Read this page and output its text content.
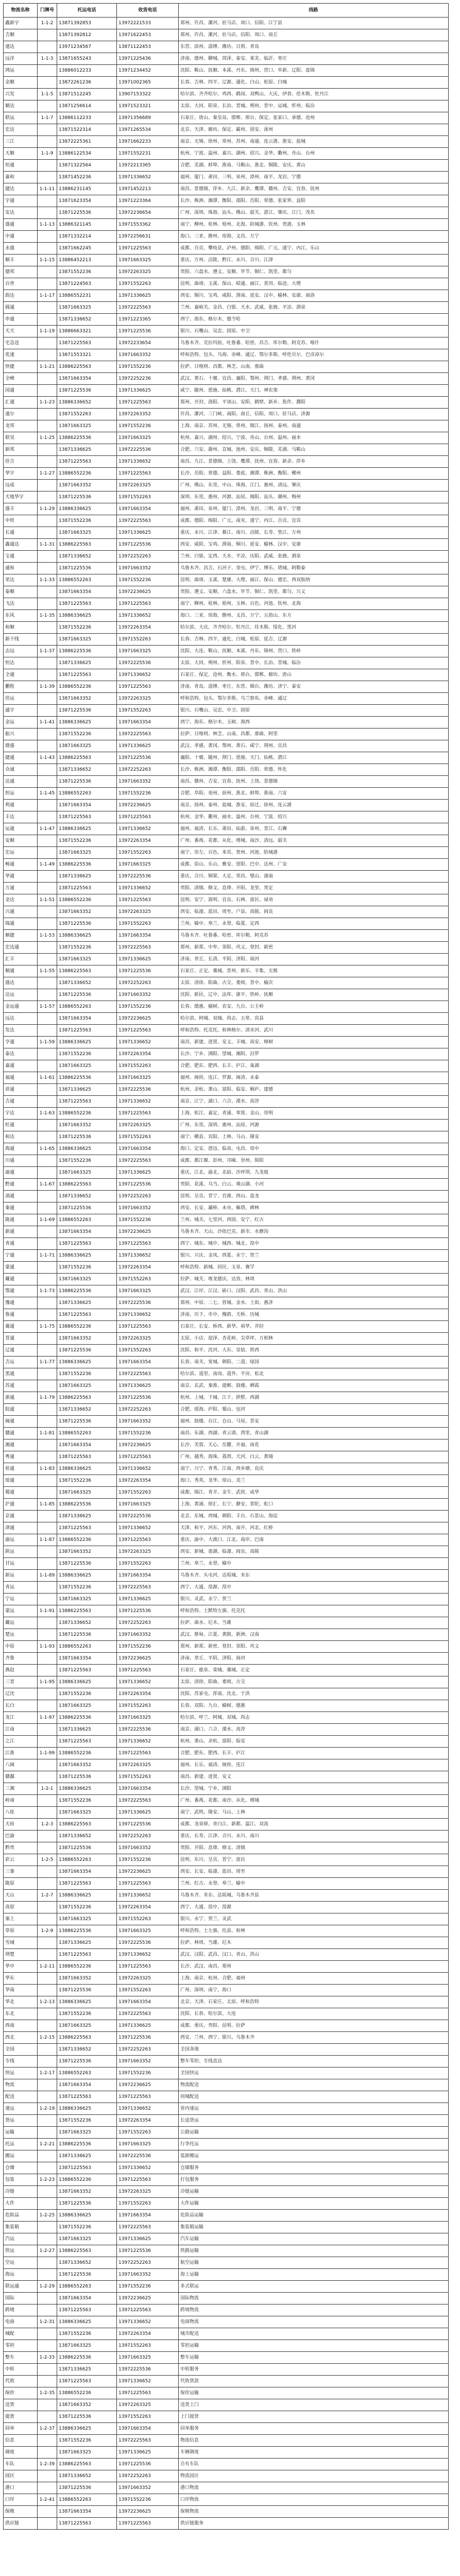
物流名称	门牌号	托运电话	收货电话	线路
鑫新宇	1-1-2	13871392853	13972221533	郑州、许昌、漯河、驻马店、周口、信阳、江宁县
吉顺		13871392812	13971622453	郑州、许昌、漯河、驻马店、信阳、周口、商丘
速达		13971234567	13871122453	东营、滨州、淄博、潍坊、日照、青岛
远洋	1-1-3	13871655243	13971225436	济南、德州、聊城、菏泽、泰安、莱芜、临沂、枣庄
鸿运		13886012233	13971234452	沈阳、鞍山、抚顺、本溪、丹东、锦州、营口、阜新、辽阳、盘锦
金顺		13872261236	13971002365	长春、吉林、四平、辽源、通化、白山、松原、白城
兴发	1-1-5	13871512245	13907153322	哈尔滨、齐齐哈尔、鸡西、鹤岗、双鸭山、大庆、伊春、佳木斯、牡丹江
顺达		13871256614	13971523321	太原、大同、阳泉、长治、晋城、朔州、晋中、运城、忻州、临汾
联运	1-1-7	13886112233	13971356689	石家庄、唐山、秦皇岛、邯郸、邢台、保定、张家口、承德、沧州
宏达		13871522314	13971265534	北京、天津、廊坊、保定、霸州、固安、涿州
三江		13872225361	13971662233	南京、无锡、徐州、常州、苏州、南通、连云港、淮安、盐城
天顺	1-1-9	13886122534	13971552231	杭州、宁波、温州、嘉兴、湖州、绍兴、金华、衢州、舟山、台州
恒通		13871322564	13972213365	合肥、芜湖、蚌埠、淮南、马鞍山、淮北、铜陵、安庆、黄山
嘉和		13871452236	13971336652	福州、厦门、莆田、三明、泉州、漳州、南平、龙岩、宁德
捷达	1-1-11	13886231145	13971452213	南昌、景德镇、萍乡、九江、新余、鹰潭、赣州、吉安、宜春、抚州
宇通		13871623354	13971223364	长沙、株洲、湘潭、衡阳、邵阳、岳阳、常德、张家界、益阳
安达		13871225536	13972236654	广州、深圳、珠海、汕头、佛山、韶关、湛江、肇庆、江门、茂名
盛通	1-1-13	13886321145	13971553362	南宁、柳州、桂林、梧州、北海、防城港、钦州、贵港、玉林
中通		13871332214	13972256631	海口、三亚、儋州、琼海、文昌、万宁
永盛		13871662245	13971225563	成都、自贡、攀枝花、泸州、德阳、绵阳、广元、遂宁、内江、乐山
顺丰	1-1-15	13886452213	13971663325	重庆、万州、涪陵、黔江、永川、合川、江津
德邦		13871552236	13972263325	贵阳、六盘水、遵义、安顺、毕节、铜仁、凯里、都匀
百世		13871224563	13971552263	昆明、曲靖、玉溪、保山、昭通、丽江、普洱、临沧、大理
韵达	1-1-17	13886552231	13971336625	西安、铜川、宝鸡、咸阳、渭南、延安、汉中、榆林、安康、商洛
圆通		13871663325	13972225563	兰州、嘉峪关、金昌、白银、天水、武威、张掖、平凉、酒泉
申通		13871336652	13971223365	西宁、海东、格尔木、德令哈
天天	1-1-19	13886663321	13971225536	银川、石嘴山、吴忠、固原、中卫
宅急送		13871225563	13972233654	乌鲁木齐、克拉玛依、吐鲁番、哈密、昌吉、库尔勒、阿克苏、喀什
优速		13871553321	13971663352	呼和浩特、包头、乌海、赤峰、通辽、鄂尔多斯、呼伦贝尔、巴彦淖尔
快捷	1-1-21	13886225563	13971552236	拉萨、日喀则、昌都、林芝、山南、那曲
全峰		13871663354	13972252236	武汉、黄石、十堰、宜昌、襄阳、鄂州、荆门、孝感、荆州、黄冈
国通		13871225536	13971336625	咸宁、随州、恩施、仙桃、潜江、天门、神农架
汇通	1-1-23	13886336652	13971225563	郑州、开封、洛阳、平顶山、安阳、鹤壁、新乡、焦作、濮阳
速尔		13871552263	13972263352	许昌、漯河、三门峡、南阳、商丘、信阳、周口、驻马店、济源
龙邦		13871663325	13971552236	上海、南京、苏州、无锡、常州、镇江、扬州、泰州、南通
联昊	1-1-25	13886225536	13971663325	杭州、嘉兴、湖州、绍兴、宁波、舟山、台州、温州、丽水
新邦		13871336625	13972225536	合肥、六安、滁州、宣城、池州、安庆、铜陵、芜湖、马鞍山
佳吉		13871225563	13971336652	南昌、九江、景德镇、上饶、鹰潭、抚州、宜春、新余、萍乡
华宇	1-1-27	13886552236	13971225563	长沙、岳阳、常德、益阳、娄底、湘潭、株洲、衡阳、郴州
远成		13871663352	13972263325	广州、佛山、东莞、中山、珠海、江门、惠州、清远、肇庆
天地华宇		13871225536	13971552263	深圳、东莞、惠州、河源、汕尾、揭阳、汕头、潮州、梅州
盛丰	1-1-29	13886336625	13971663354	福州、莆田、泉州、厦门、漳州、龙岩、三明、南平、宁德
中铁		13871552236	13972225563	成都、德阳、绵阳、广元、南充、遂宁、内江、自贡、宜宾
长通		13871663325	13971336625	重庆、永川、江津、綦江、南川、涪陵、长寿、垫江、万州
鑫通达	1-1-31	13886225563	13971225536	西安、咸阳、宝鸡、渭南、铜川、延安、榆林、汉中、安康
宝通		13871336652	13972252263	兰州、白银、定西、天水、平凉、庆阳、武威、张掖、酒泉
通和		13871225536	13971663352	乌鲁木齐、昌吉、石河子、奎屯、伊宁、博乐、塔城、阿勒泰
荣达	1-1-33	13886552263	13971552236	昆明、曲靖、玉溪、楚雄、大理、丽江、保山、德宏、西双版纳
泰顺		13871663354	13972236625	贵阳、遵义、安顺、六盘水、毕节、铜仁、凯里、都匀、兴义
飞达		13871225563	13971225563	南宁、柳州、桂林、梧州、玉林、百色、河池、钦州、北海
东风	1-1-35	13886336625	13971336652	海口、三亚、琼海、儋州、文昌、万宁、五指山、东方
和顺		13871552236	13972263354	哈尔滨、大庆、齐齐哈尔、牡丹江、佳木斯、绥化、黑河
新干线		13871663325	13971552263	长春、吉林、四平、通化、白城、松原、延吉、辽源
志远	1-1-37	13886225536	13971663325	沈阳、大连、鞍山、抚顺、本溪、丹东、锦州、营口、铁岭
恒达		13871336625	13972225536	太原、大同、朔州、忻州、阳泉、晋中、长治、晋城、临汾
全通		13871225563	13971336652	石家庄、保定、沧州、衡水、邢台、邯郸、廊坊、唐山
鹏程	1-1-39	13886552236	13971225563	济南、青岛、淄博、枣庄、东营、烟台、潍坊、济宁、泰安
佳运		13871663352	13972263325	呼和浩特、包头、鄂尔多斯、乌兰察布、赤峰、通辽
通宇		13871225536	13971552263	银川、石嘴山、吴忠、中卫、固原
金运	1-1-41	13886336625	13971663354	西宁、海东、格尔木、玉树、海西
振兴		13871552236	13972225563	拉萨、日喀则、林芝、山南、昌都、那曲、阿里
鼎盛		13871663325	13971336625	武汉、孝感、黄冈、鄂州、黄石、咸宁、荆州、宜昌
捷通	1-1-43	13886225563	13971225536	襄阳、十堰、随州、荆门、恩施、天门、仙桃、潜江
众诚		13871336652	13972252263	长沙、株洲、湘潭、衡阳、邵阳、岳阳、常德、怀化
达通		13871225536	13971663352	南昌、赣州、吉安、宜春、抚州、上饶、景德镇
恒运	1-1-45	13886552263	13971552236	合肥、阜阳、亳州、宿州、淮北、蚌埠、淮南、六安
利通		13871663354	13972236625	南京、扬州、泰州、盐城、淮安、宿迁、徐州、连云港
丰达		13871225563	13971225563	杭州、金华、衢州、丽水、温州、台州、宁波、绍兴
运通	1-1-47	13886336625	13971336652	福州、福清、长乐、莆田、仙游、泉州、晋江、石狮
安顺		13871552236	13972263354	广州、番禺、花都、从化、增城、南沙、清远、韶关
宏运		13871663325	13971552263	南宁、崇左、百色、来宾、贺州、河池、防城港
畅通	1-1-49	13886225536	13971663325	成都、眉山、乐山、雅安、资阳、巴中、达州、广安
华通		13871336625	13972225536	重庆、合川、铜梁、大足、荣昌、璧山、潼南
万通		13871225563	13971336652	贵阳、清镇、修文、息烽、开阳、龙里、贵定
金达	1-1-51	13886552236	13971225563	昆明、安宁、嵩明、宜良、石林、富民、禄劝
兴通		13871663352	13972263325	西安、临潼、蓝田、周至、户县、高陵、阎良
瑞通		13871225536	13971552263	兰州、榆中、皋兰、永登、临夏、定西
顺捷	1-1-53	13886336625	13971663354	乌鲁木齐、吐鲁番、哈密、库尔勒、阿克苏
宏达通		13871552236	13972225563	郑州、新郑、中牟、荥阳、巩义、登封、新密
汇丰		13871663325	13971336625	济南、章丘、长清、平阴、济阳、商河
顺通	1-1-55	13886225563	13971225536	石家庄、正定、藁城、晋州、新乐、辛集、无极
盛达		13871336652	13972252263	太原、清徐、阳曲、古交、娄烦、晋中、榆次
达运		13871225536	13971663352	沈阳、新民、辽中、法库、康平、铁岭、抚顺
金运通	1-1-57	13886552263	13971552236	长春、德惠、榆树、农安、九台、公主岭
远达		13871663354	13972236625	哈尔滨、阿城、双城、尚志、五常、宾县
发达		13871225563	13971225563	呼和浩特、托克托、和林格尔、清水河、武川
亨通	1-1-59	13886336625	13971336652	南昌、新建、进贤、安义、丰城、高安、樟树
泰达		13871552236	13972263354	长沙、宁乡、浏阳、望城、湘阴、汨罗
嘉通		13871663325	13971552263	合肥、肥东、肥西、长丰、庐江、巢湖
福通	1-1-61	13886225536	13971663325	福州、闽侯、连江、罗源、闽清、永泰
祥通		13871336625	13972225536	杭州、余杭、萧山、富阳、临安、桐庐、建德
吉通		13871225563	13971336652	南京、江宁、浦口、六合、溧水、高淳
宇达	1-1-63	13886552236	13971225563	上海、松江、嘉定、青浦、奉贤、金山、崇明
旺通		13871663352	13972263325	广州、东莞、深圳、惠州、汕尾、河源
和达		13871225536	13971552263	南宁、横县、宾阳、上林、马山、隆安
海通	1-1-65	13886336625	13971663354	海口、定安、澄迈、临高、屯昌、琼中
川通		13871552236	13972225563	成都、都江堰、彭州、邛崃、崇州、简阳
渝通		13871663325	13971336625	重庆、江北、渝北、北碚、沙坪坝、九龙坡
黔通	1-1-67	13886225563	13971225536	贵阳、花溪、乌当、白云、观山湖、小河
滇通		13871336652	13972252263	昆明、呈贡、晋宁、官渡、西山、盘龙
秦通		13871225536	13971663352	西安、长安、灞桥、未央、雁塔、碑林
陇通	1-1-69	13886552263	13971552236	兰州、城关、七里河、西固、安宁、红古
新通		13871663354	13972236625	乌鲁木齐、天山、沙依巴克、新市、水磨沟
青通		13871225563	13971225563	西宁、城东、城中、城西、城北、湟中
宁通	1-1-71	13886336625	13971336652	银川、兴庆、金凤、西夏、永宁、贺兰
蒙通		13871552236	13972263354	呼和浩特、新城、回民、玉泉、赛罕
藏通		13871663325	13971552263	拉萨、城关、堆龙德庆、达孜、林周
鄂通	1-1-73	13886225536	13971663325	武汉、江岸、江汉、硚口、汉阳、武昌、青山、洪山
豫通		13871336625	13972225536	郑州、中原、二七、管城、金水、上街、惠济
鲁通		13871225563	13971336652	济南、历下、市中、槐荫、天桥、历城
冀通	1-1-75	13886552236	13971225563	石家庄、长安、桥西、新华、裕华、井陉
晋通		13871663352	13972263325	太原、小店、迎泽、杏花岭、尖草坪、万柏林
辽通		13871225536	13971552263	沈阳、和平、沈河、大东、皇姑、铁西
吉运	1-1-77	13886336625	13971663354	长春、南关、宽城、朝阳、二道、绿园
黑通		13871552236	13972225563	哈尔滨、道里、南岗、道外、平房、松北
苏通		13871663325	13971336625	南京、玄武、秦淮、建邺、鼓楼、栖霞
浙通	1-1-79	13886225563	13971225536	杭州、上城、下城、江干、拱墅、西湖
皖通		13871336652	13972252263	合肥、瑶海、庐阳、蜀山、包河
闽通		13871225536	13971663352	福州、鼓楼、台江、仓山、马尾、晋安
赣通	1-1-81	13886552263	13971552236	南昌、东湖、西湖、青云谱、湾里、青山湖
湘通		13871663354	13972236625	长沙、芙蓉、天心、岳麓、开福、雨花
粤通		13871225563	13971225563	广州、越秀、海珠、荔湾、天河、白云、黄埔
桂通	1-1-83	13886336625	13971336652	南宁、兴宁、青秀、江南、西乡塘、良庆
琼通		13871552236	13972263354	海口、秀英、龙华、琼山、美兰
蜀通		13871663325	13971552263	成都、锦江、青羊、金牛、武侯、成华
沪通	1-1-85	13886225536	13971663325	上海、黄浦、徐汇、长宁、静安、普陀、虹口
京通		13871336625	13972225536	北京、东城、西城、朝阳、丰台、石景山、海淀
津通		13871225563	13971336652	天津、和平、河东、河西、南开、河北、红桥
渝运	1-1-87	13886552236	13971225563	重庆、渝中、大渡口、江北、南岸、巴南
陕运		13871663352	13972263325	西安、新城、莲湖、临潼、阎良、高陵
甘运		13871225536	13971552263	兰州、皋兰、永登、榆中
新运	1-1-89	13886336625	13971663354	乌鲁木齐、头屯河、达坂城、米东
青运		13871552236	13972225563	西宁、大通、湟源、湟中
宁运		13871663325	13971336625	银川、灵武、永宁、贺兰
蒙运	1-1-91	13886225563	13971225536	呼和浩特、土默特左旗、托克托
藏运		13871336652	13972252263	拉萨、曲水、尼木、当雄
楚运		13871225536	13971663352	武汉、蔡甸、江夏、黄陂、新洲、汉南
中原	1-1-93	13886552263	13971552236	郑州、新郑、新密、登封、荥阳、巩义
齐鲁		13871663354	13972236625	济南、章丘、平阴、济阳、商河
燕赵		13871225563	13971225563	石家庄、鹿泉、栾城、藁城、正定
三晋	1-1-95	13886336625	13971336652	太原、清徐、阳曲、娄烦、古交
辽沈		13871552236	13972263354	沈阳、苏家屯、浑南、沈北、于洪
长白		13871663325	13971552263	长春、双阳、九台、榆树、德惠
龙江	1-1-97	13886225536	13971663325	哈尔滨、呼兰、阿城、双城、尚志
江南		13871336625	13972225536	南京、浦口、六合、溧水、高淳
之江		13871225563	13971336652	杭州、萧山、余杭、富阳、临安
江淮	1-1-99	13886552236	13971225563	合肥、肥东、肥西、长丰、庐江
八闽		13871663352	13972263325	福州、长乐、福清、闽侯、连江
赣鄱		13871225536	13971552263	南昌、新建、进贤、安义
三湘	1-2-1	13886336625	13971663354	长沙、望城、宁乡、浏阳
岭南		13871552236	13972225563	广州、番禺、花都、南沙、从化、增城
八桂		13871663325	13971336625	南宁、武鸣、隆安、马山、上林
天府	1-2-3	13886225563	13971225536	成都、龙泉驿、青白江、新都、温江、双流
巴渝		13871336652	13972252263	重庆、长寿、江津、合川、永川、南川
黔贵		13871225536	13971663352	贵阳、开阳、息烽、修文、清镇
彩云	1-2-5	13886552263	13971552236	昆明、东川、呈贡、晋宁、富民
三秦		13871663354	13972236625	西安、长安、临潼、蓝田、周至
陇原		13871225563	13971225563	兰州、红古、永登、皋兰、榆中
天山	1-2-7	13886336625	13971336652	乌鲁木齐、米东、达坂城、乌鲁木齐县
高原		13871552236	13972263354	西宁、大通、湟中、湟源
塞上		13871663325	13971552263	银川、永宁、贺兰、灵武
草原	1-2-9	13886225536	13971663325	呼和浩特、土左旗、托县、和林
雪域		13871336625	13972225536	拉萨、林周、当雄、尼木
荆楚		13871225563	13971336652	武汉、汉阳、武昌、汉口、青山、洪山
华中	1-2-11	13886552236	13971225563	长沙、武汉、南昌、郑州
华东		13871663352	13972263325	上海、南京、杭州、合肥、福州
华南		13871225536	13971552263	广州、深圳、南宁、海口
华北	1-2-13	13886336625	13971663354	北京、天津、石家庄、太原、呼和浩特
东北		13871552236	13972225563	沈阳、长春、哈尔滨、大连
西南		13871663325	13971336625	成都、重庆、贵阳、昆明、拉萨
西北	1-2-15	13886225563	13971225536	西安、兰州、西宁、银川、乌鲁木齐
全国		13871336652	13972252263	全国各地
专线		13871225536	13971663352	整车零担、专线直达
快运	1-2-17	13886552263	13971552236	全国快运
物流		13871663354	13972236625	物流配送
配送		13871225563	13971225563	同城配送
速运	1-2-19	13886336625	13971336652	省内速运
货运		13871552236	13972263354	长途货运
运输		13871663325	13971552263	公路运输
托运	1-2-21	13886225536	13971663325	行李托运
搬运		13871336625	13972225536	装卸搬运
仓储		13871225563	13971336652	仓储服务
包装	1-2-23	13886552236	13971225563	打包服务
冷链		13871663352	13972263325	冷链运输
大件		13871225536	13971552263	大件运输
危险品	1-2-25	13886336625	13971663354	危险品运输
集装箱		13871552236	13972225563	集装箱运输
汽运		13871663325	13971336625	汽车运输
铁运	1-2-27	13886225563	13971225536	铁路运输
空运		13871336652	13972252263	航空运输
海运		13871225536	13971663352	海上运输
联运通	1-2-29	13886552263	13971552236	多式联运
国际		13871663354	13972236625	国际物流
跨境		13871225563	13971225563	跨境物流
电商	1-2-31	13886336625	13971336652	电商物流
城配		13871552236	13972263354	城市配送
零担		13871663325	13971552263	零担运输
整车	1-2-33	13886225536	13971663325	整车运输
中转		13871336625	13972225536	中转服务
代收		13871225563	13971336652	代收货款
保价	1-2-35	13886552236	13971225563	保价运输
送货		13871663352	13972263325	送货上门
提货		13871225536	13971552263	上门提货
回单	1-2-37	13886336625	13971663354	回单服务
信息		13871552236	13972225563	物流信息
调度		13871663325	13971336625	车辆调度
车队	1-2-39	13886225563	13971225536	自有车队
园区		13871336652	13972252263	物流园区
港口		13871225536	13971663352	港口物流
口岸	1-2-41	13886552263	13971552236	口岸物流
保税		13871663354	13972236625	保税物流
供应链		13871225563	13971225563	供应链服务
